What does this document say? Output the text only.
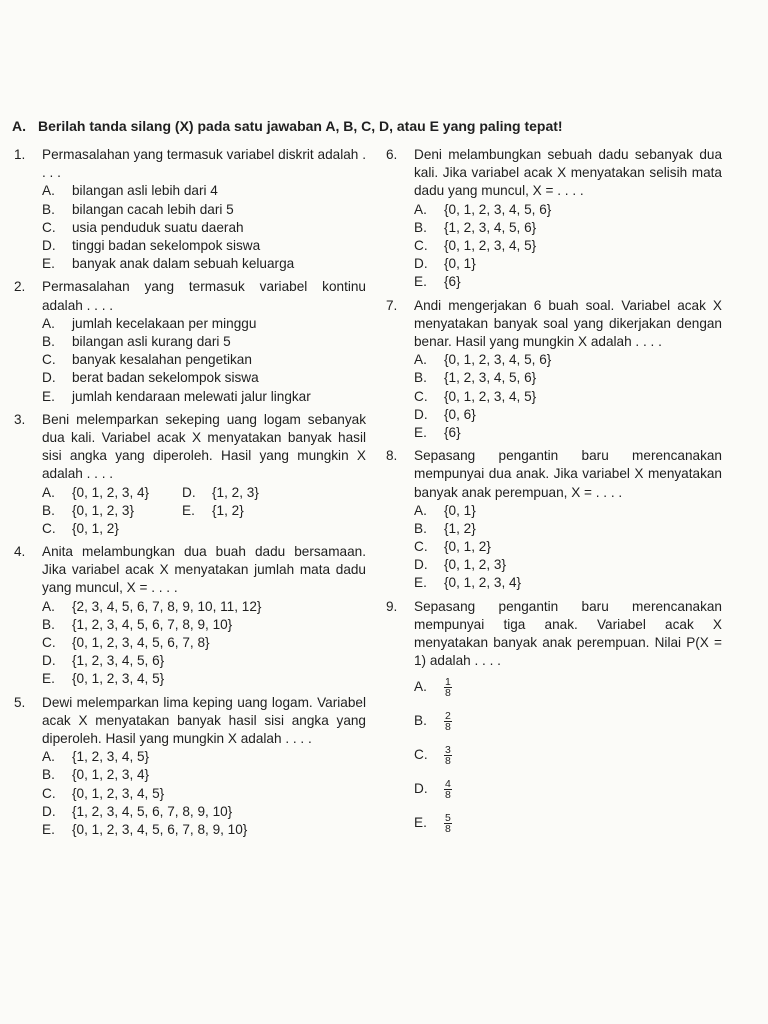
A. Berilah tanda silang (X) pada satu jawaban A, B, C, D, atau E yang paling tepat!
1.	Permasalahan yang termasuk variabel diskrit adalah . . . .
A.	bilangan asli lebih dari 4
B.	bilangan cacah lebih dari 5
C.	usia penduduk suatu daerah
D.	tinggi badan sekelompok siswa
E.	banyak anak dalam sebuah keluarga
2.	Permasalahan yang termasuk variabel kontinu adalah . . . .
A.	jumlah kecelakaan per minggu
B.	bilangan asli kurang dari 5
C.	banyak kesalahan pengetikan
D.	berat badan sekelompok siswa
E.	jumlah kendaraan melewati jalur lingkar
3.	Beni melemparkan sekeping uang logam sebanyak dua kali. Variabel acak X menyatakan banyak hasil sisi angka yang diperoleh. Hasil yang mungkin X adalah . . . .
A.	{0, 1, 2, 3, 4} D.	{1, 2, 3}
B.	{0, 1, 2, 3}	E.	{1, 2}
C.	{0, 1, 2}
4.	Anita melambungkan dua buah dadu bersamaan. Jika variabel acak X menyatakan jumlah mata dadu yang muncul, X = . . . .
A.	{2, 3, 4, 5, 6, 7, 8, 9, 10, 11, 12}
B.	{1, 2, 3, 4, 5, 6, 7, 8, 9, 10}
C.	{0, 1, 2, 3, 4, 5, 6, 7, 8}
D.	{1, 2, 3, 4, 5, 6}
E.	{0, 1, 2, 3, 4, 5}
5.	Dewi melemparkan lima keping uang logam. Variabel acak X menyatakan banyak hasil sisi angka yang diperoleh. Hasil yang mungkin X adalah . . . .
A.	{1, 2, 3, 4, 5}
B.	{0, 1, 2, 3, 4}
C.	{0, 1, 2, 3, 4, 5}
D.	{1, 2, 3, 4, 5, 6, 7, 8, 9, 10}
E.	{0, 1, 2, 3, 4, 5, 6, 7, 8, 9, 10}
6.	Deni melambungkan sebuah dadu sebanyak dua kali. Jika variabel acak X menyatakan selisih mata dadu yang muncul, X = . . . .
A.	{0, 1, 2, 3, 4, 5, 6}
B.	{1, 2, 3, 4, 5, 6}
C.	{0, 1, 2, 3, 4, 5}
D.	{0, 1}
E.	{6}
7.	Andi mengerjakan 6 buah soal. Variabel acak X menyatakan banyak soal yang dikerjakan dengan benar. Hasil yang mungkin X adalah . . . .
A.	{0, 1, 2, 3, 4, 5, 6}
B.	{1, 2, 3, 4, 5, 6}
C.	{0, 1, 2, 3, 4, 5}
D.	{0, 6}
E.	{6}
8.	Sepasang pengantin baru merencanakan mempunyai dua anak. Jika variabel X menyatakan banyak anak perempuan, X = . . . .
A.	{0, 1}
B.	{1, 2}
C.	{0, 1, 2}
D.	{0, 1, 2, 3}
E.	{0, 1, 2, 3, 4}
9.	Sepasang pengantin baru merencanakan mempunyai tiga anak. Variabel acak X menyatakan banyak anak perempuan. Nilai P(X = 1) adalah . . . .
A.	$\frac{1}{8}$
B.	$\frac{2}{8}$
C.	$\frac{3}{8}$
D.	$\frac{4}{8}$
E.	$\frac{5}{8}$
